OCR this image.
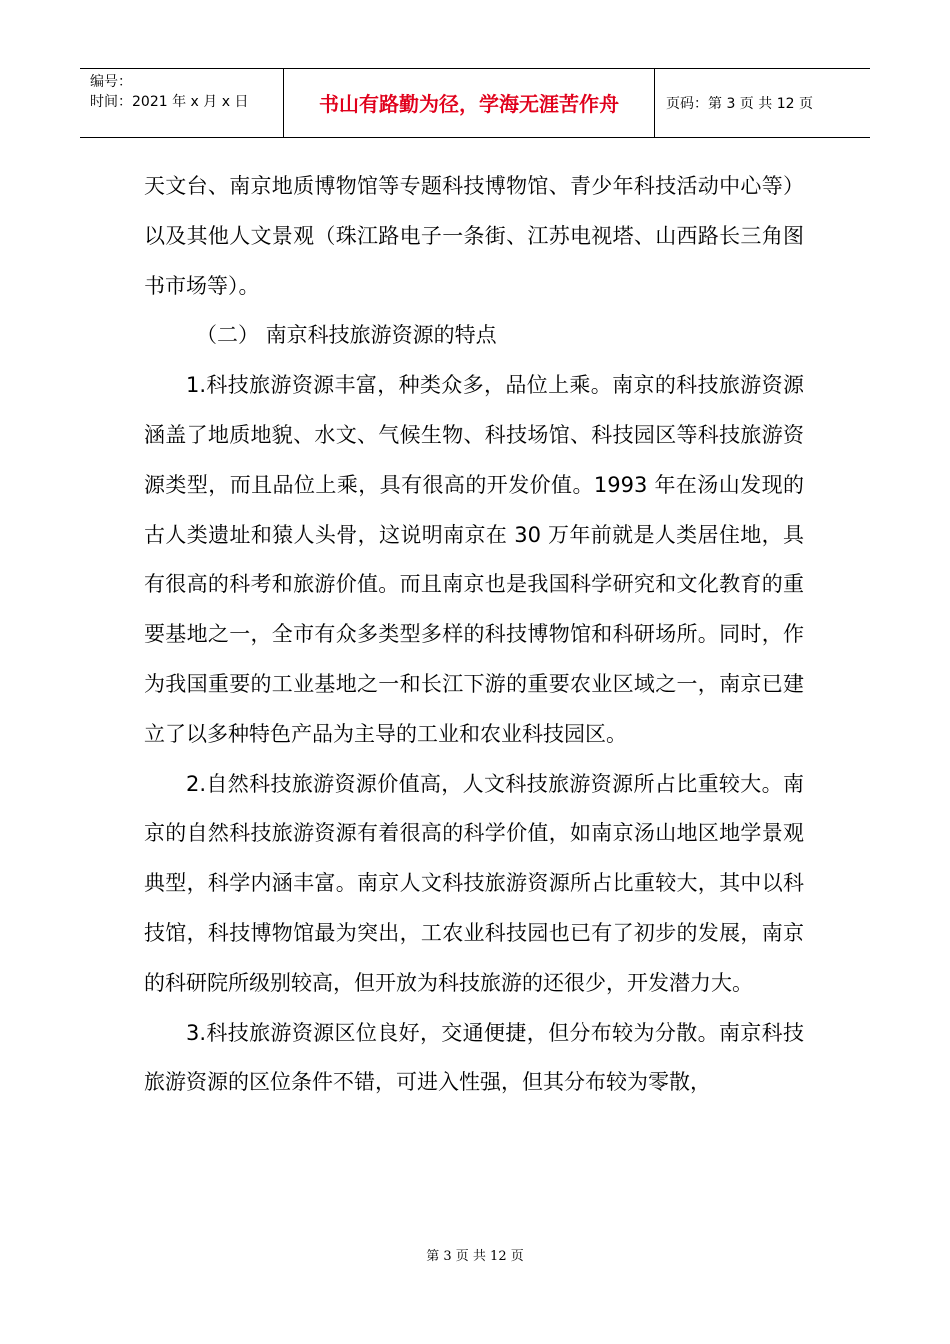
编号：
时间：2021 年 x 月 x 日	书山有路勤为径，学海无涯苦作舟	页码：第 3 页 共 12 页

天文台、南京地质博物馆等专题科技博物馆、青少年科技活动中心等）以及其他人文景观（珠江路电子一条街、江苏电视塔、山西路长三角图书市场等）。

（二） 南京科技旅游资源的特点

1.科技旅游资源丰富，种类众多，品位上乘。南京的科技旅游资源涵盖了地质地貌、水文、气候生物、科技场馆、科技园区等科技旅游资源类型，而且品位上乘，具有很高的开发价值。1993 年在汤山发现的古人类遗址和猿人头骨，这说明南京在 30 万年前就是人类居住地，具有很高的科考和旅游价值。而且南京也是我国科学研究和文化教育的重要基地之一，全市有众多类型多样的科技博物馆和科研场所。同时，作为我国重要的工业基地之一和长江下游的重要农业区域之一，南京已建立了以多种特色产品为主导的工业和农业科技园区。

2.自然科技旅游资源价值高，人文科技旅游资源所占比重较大。南京的自然科技旅游资源有着很高的科学价值，如南京汤山地区地学景观典型，科学内涵丰富。南京人文科技旅游资源所占比重较大，其中以科技馆，科技博物馆最为突出，工农业科技园也已有了初步的发展，南京的科研院所级别较高，但开放为科技旅游的还很少，开发潜力大。

3.科技旅游资源区位良好，交通便捷，但分布较为分散。南京科技旅游资源的区位条件不错，可进入性强，但其分布较为零散，

第 3 页 共 12 页
